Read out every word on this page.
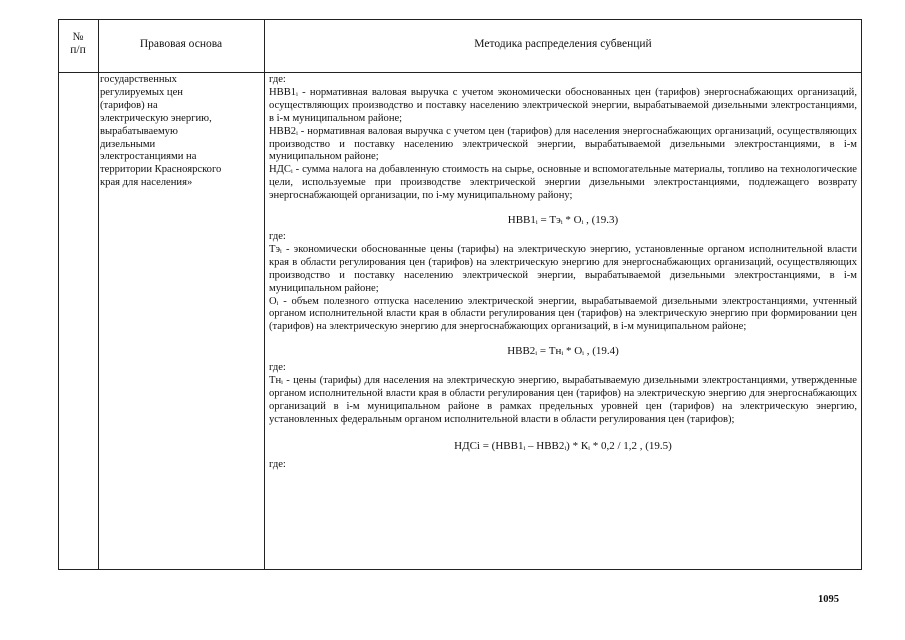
№
п/п	Правовая основа	Методика распределения субвенций
государственных
регулируемых цен
(тарифов) на
электрическую энергию,
вырабатываемую
дизельными
электростанциями на
территории Красноярского
края для населения»
где:
НВВ1ᵢ - нормативная валовая выручка с учетом экономически обоснованных цен (тарифов) энергоснабжающих организаций, осуществляющих производство и поставку населению электрической энергии, вырабатываемой дизельными электростанциями, в i-м муниципальном районе;
НВВ2ᵢ - нормативная валовая выручка с учетом цен (тарифов) для населения энергоснабжающих организаций, осуществляющих производство и поставку населению электрической энергии, вырабатываемой дизельными электростанциями, в i-м муниципальном районе;
НДСᵢ - сумма налога на добавленную стоимость на сырье, основные и вспомогательные материалы, топливо на технологические цели, используемые при производстве электрической энергии дизельными электростанциями, подлежащего возврату энергоснабжающей организации, по i-му муниципальному району;
НВВ1ᵢ = Тэᵢ * Оᵢ , (19.3)
где:
Тэᵢ - экономически обоснованные цены (тарифы) на электрическую энергию, установленные органом исполнительной власти края в области регулирования цен (тарифов) на электрическую энергию для энергоснабжающих организаций, осуществляющих производство и поставку населению электрической энергии, вырабатываемой дизельными электростанциями, в i-м муниципальном районе;
Оᵢ - объем полезного отпуска населению электрической энергии, вырабатываемой дизельными электростанциями, учтенный органом исполнительной власти края в области регулирования цен (тарифов) на электрическую энергию при формировании цен (тарифов) на электрическую энергию для энергоснабжающих организаций, в i-м муниципальном районе;
НВВ2ᵢ = Тнᵢ * Оᵢ , (19.4)
где:
Тнᵢ - цены (тарифы) для населения на электрическую энергию, вырабатываемую дизельными электростанциями, утвержденные органом исполнительной власти края в области регулирования цен (тарифов) на электрическую энергию для энергоснабжающих организаций в i-м муниципальном районе в рамках предельных уровней цен (тарифов) на электрическую энергию, установленных федеральным органом исполнительной власти в области регулирования цен (тарифов);
НДСi = (НВВ1ᵢ – НВВ2ᵢ) * Кᵢ * 0,2 / 1,2 , (19.5)
где:
1095
